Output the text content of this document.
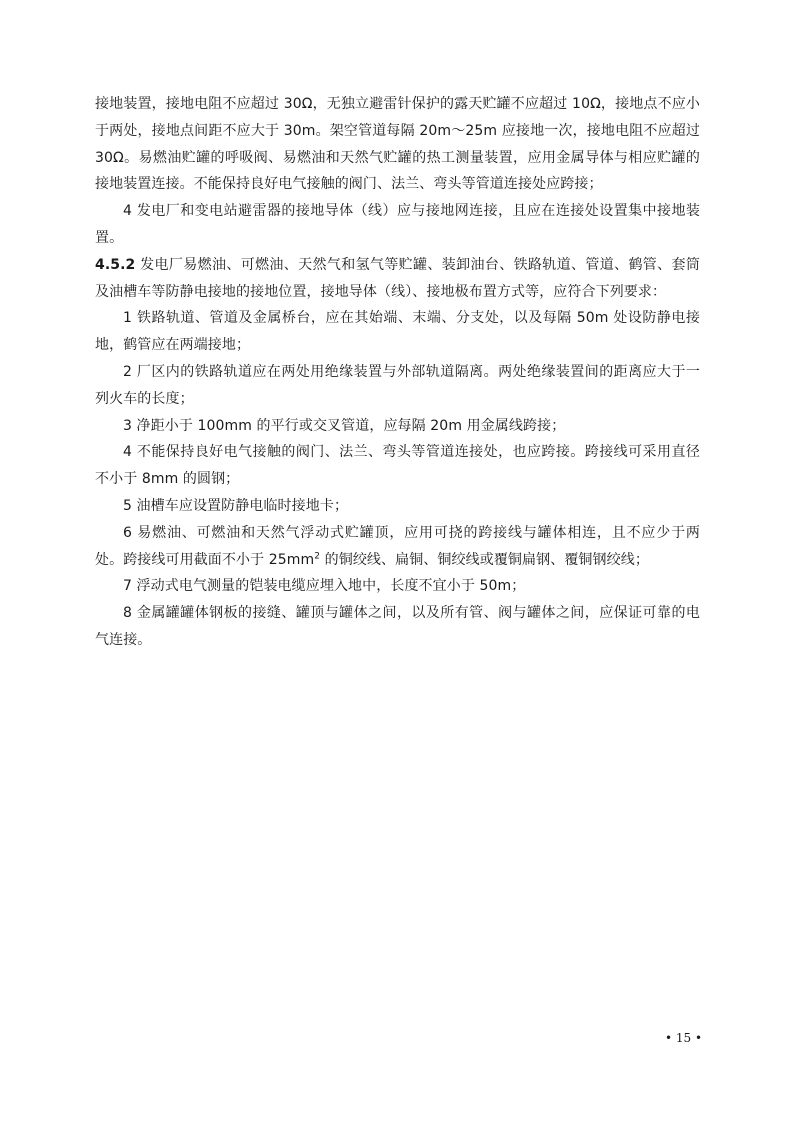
接地装置，接地电阻不应超过 30Ω，无独立避雷针保护的露天贮罐不应超过 10Ω，接地点不应小于两处，接地点间距不应大于 30m。架空管道每隔 20m～25m 应接地一次，接地电阻不应超过 30Ω。易燃油贮罐的呼吸阀、易燃油和天然气贮罐的热工测量装置，应用金属导体与相应贮罐的接地装置连接。不能保持良好电气接触的阀门、法兰、弯头等管道连接处应跨接；

4 发电厂和变电站避雷器的接地导体（线）应与接地网连接，且应在连接处设置集中接地装置。

4.5.2 发电厂易燃油、可燃油、天然气和氢气等贮罐、装卸油台、铁路轨道、管道、鹤管、套筒及油槽车等防静电接地的接地位置，接地导体（线）、接地极布置方式等，应符合下列要求：

1 铁路轨道、管道及金属桥台，应在其始端、末端、分支处，以及每隔 50m 处设防静电接地，鹤管应在两端接地；

2 厂区内的铁路轨道应在两处用绝缘装置与外部轨道隔离。两处绝缘装置间的距离应大于一列火车的长度；

3 净距小于 100mm 的平行或交叉管道，应每隔 20m 用金属线跨接；

4 不能保持良好电气接触的阀门、法兰、弯头等管道连接处，也应跨接。跨接线可采用直径不小于 8mm 的圆钢；

5 油槽车应设置防静电临时接地卡；

6 易燃油、可燃油和天然气浮动式贮罐顶，应用可挠的跨接线与罐体相连，且不应少于两处。跨接线可用截面不小于 $25mm^2$ 的铜绞线、扁铜、铜绞线或覆铜扁钢、覆铜钢绞线；

7 浮动式电气测量的铠装电缆应埋入地中，长度不宜小于 50m；

8 金属罐罐体钢板的接缝、罐顶与罐体之间，以及所有管、阀与罐体之间，应保证可靠的电气连接。

• 15 •
